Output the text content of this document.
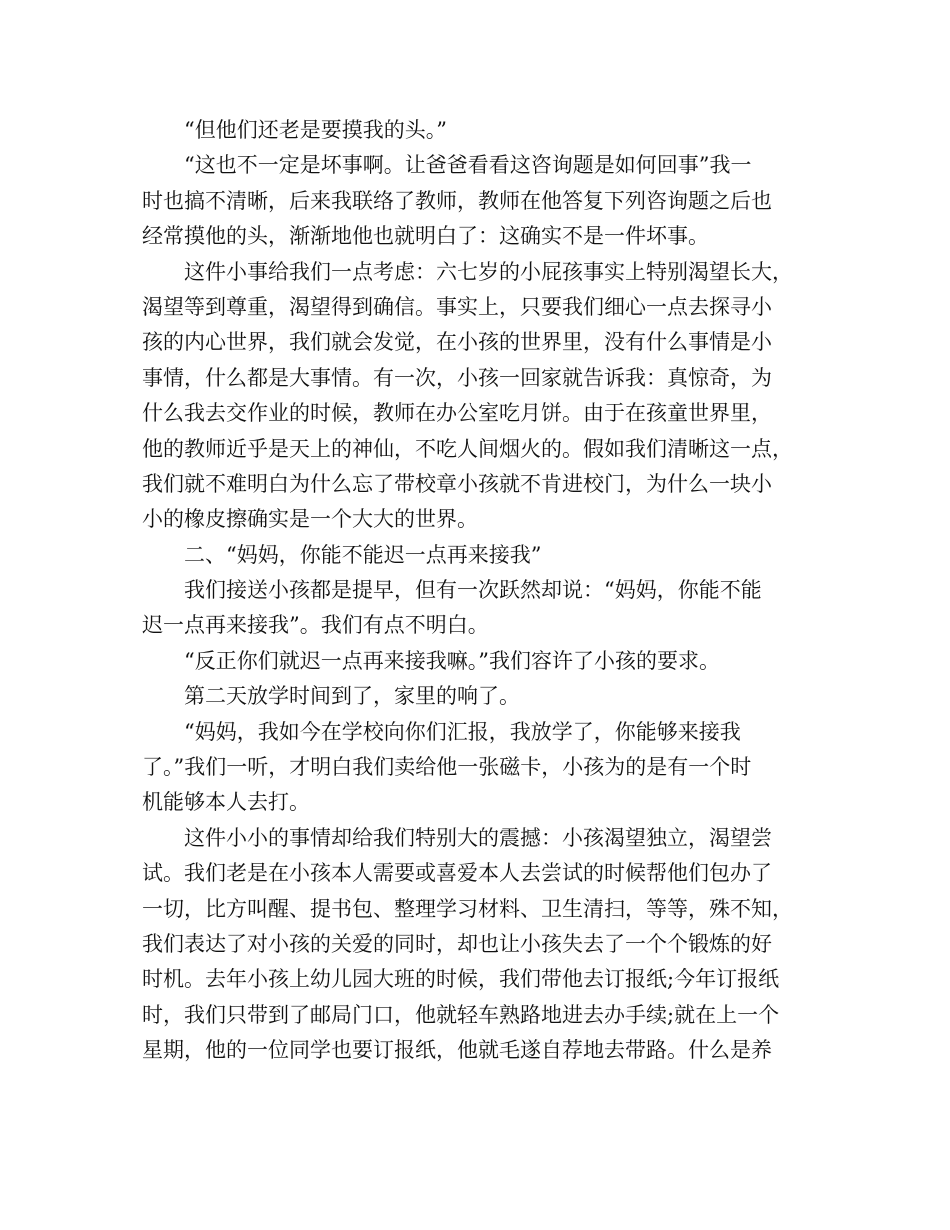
“但他们还老是要摸我的头。”
“这也不一定是坏事啊。让爸爸看看这咨询题是如何回事”我一
时也搞不清晰，后来我联络了教师，教师在他答复下列咨询题之后也
经常摸他的头，渐渐地他也就明白了：这确实不是一件坏事。
这件小事给我们一点考虑：六七岁的小屁孩事实上特别渴望长大，
渴望等到尊重，渴望得到确信。事实上，只要我们细心一点去探寻小
孩的内心世界，我们就会发觉，在小孩的世界里，没有什么事情是小
事情，什么都是大事情。有一次，小孩一回家就告诉我：真惊奇，为
什么我去交作业的时候，教师在办公室吃月饼。由于在孩童世界里，
他的教师近乎是天上的神仙，不吃人间烟火的。假如我们清晰这一点，
我们就不难明白为什么忘了带校章小孩就不肯进校门，为什么一块小
小的橡皮擦确实是一个大大的世界。
二、“妈妈，你能不能迟一点再来接我”
我们接送小孩都是提早，但有一次跃然却说：“妈妈，你能不能
迟一点再来接我”。我们有点不明白。
“反正你们就迟一点再来接我嘛。”我们容许了小孩的要求。
第二天放学时间到了，家里的响了。
“妈妈，我如今在学校向你们汇报，我放学了，你能够来接我
了。”我们一听，才明白我们卖给他一张磁卡，小孩为的是有一个时
机能够本人去打。
这件小小的事情却给我们特别大的震撼：小孩渴望独立，渴望尝
试。我们老是在小孩本人需要或喜爱本人去尝试的时候帮他们包办了
一切，比方叫醒、提书包、整理学习材料、卫生清扫，等等，殊不知，
我们表达了对小孩的关爱的同时，却也让小孩失去了一个个锻炼的好
时机。去年小孩上幼儿园大班的时候，我们带他去订报纸;今年订报纸
时，我们只带到了邮局门口，他就轻车熟路地进去办手续;就在上一个
星期，他的一位同学也要订报纸，他就毛遂自荐地去带路。什么是养
